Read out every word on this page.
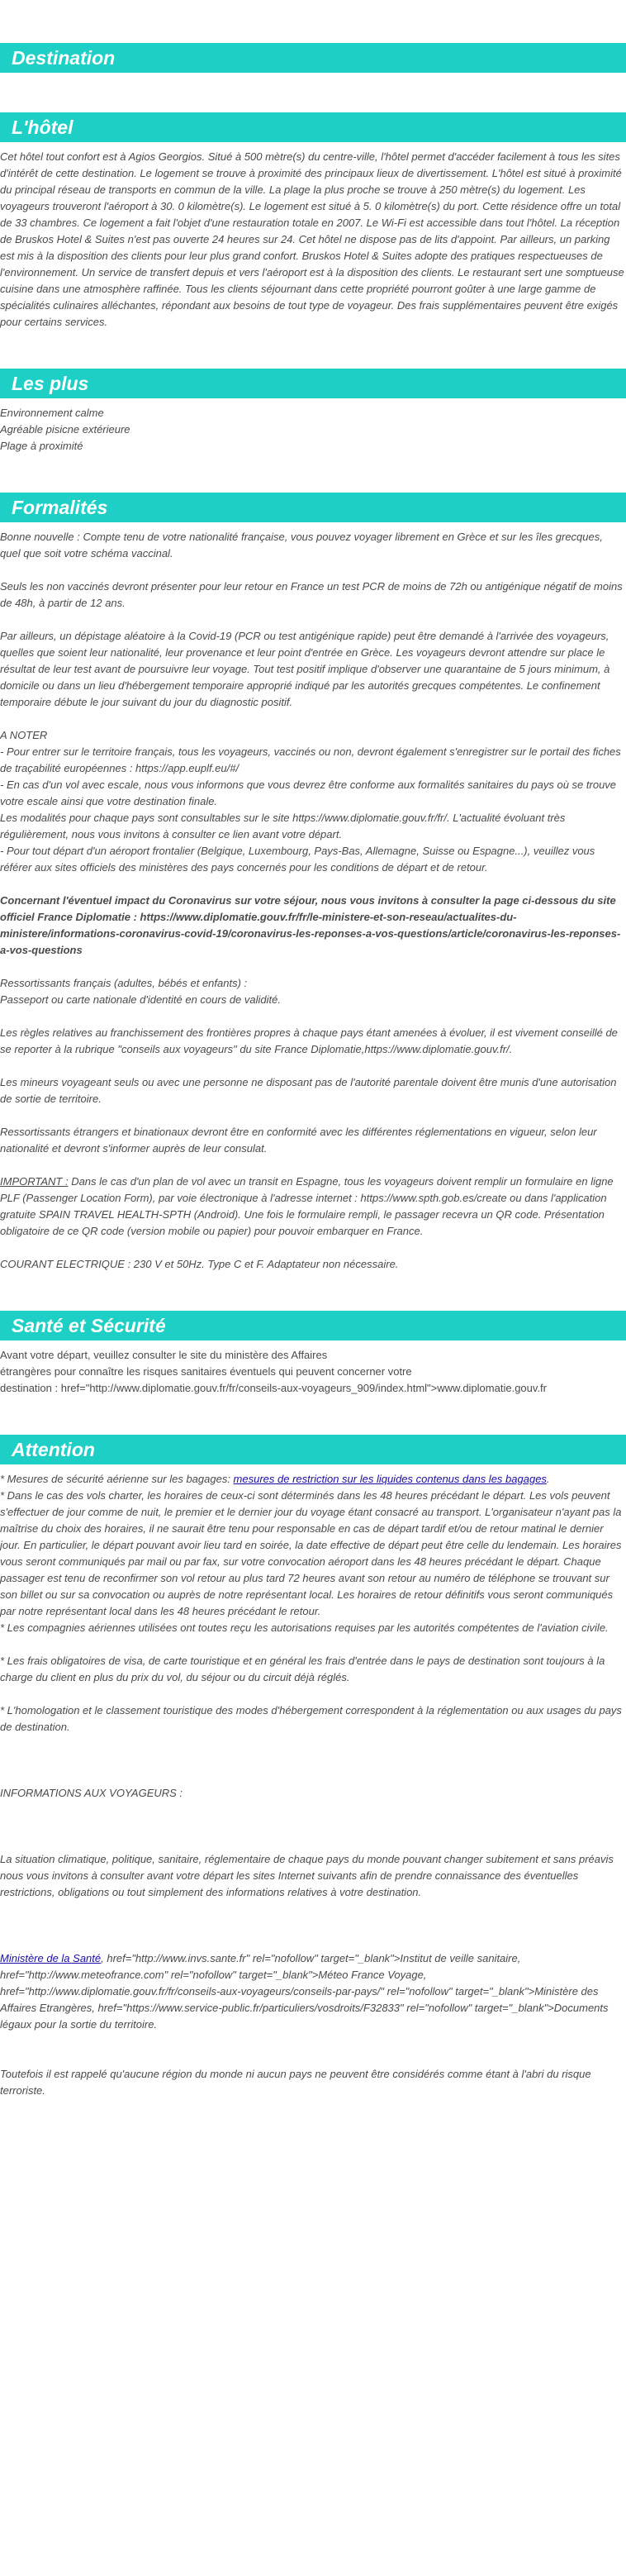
Destination
L'hôtel

Cet hôtel tout confort est à Agios Georgios. Situé à 500 mètre(s) du centre-ville, l'hôtel permet d'accéder facilement à tous les sites d'intérêt de cette destination. Le logement se trouve à proximité des principaux lieux de divertissement. L'hôtel est situé à proximité du principal réseau de transports en commun de la ville. La plage la plus proche se trouve à 250 mètre(s) du logement. Les voyageurs trouveront l'aéroport à 30. 0 kilomètre(s). Le logement est situé à 5. 0 kilomètre(s) du port. Cette résidence offre un total de 33 chambres. Ce logement a fait l'objet d'une restauration totale en 2007. Le Wi-Fi est accessible dans tout l'hôtel. La réception de Bruskos Hotel & Suites n'est pas ouverte 24 heures sur 24. Cet hôtel ne dispose pas de lits d'appoint. Par ailleurs, un parking est mis à la disposition des clients pour leur plus grand confort. Bruskos Hotel & Suites adopte des pratiques respectueuses de l'environnement. Un service de transfert depuis et vers l'aéroport est à la disposition des clients. Le restaurant sert une somptueuse cuisine dans une atmosphère raffinée. Tous les clients séjournant dans cette propriété pourront goûter à une large gamme de spécialités culinaires alléchantes, répondant aux besoins de tout type de voyageur. Des frais supplémentaires peuvent être exigés pour certains services.

Les plus
Environnement calme
Agréable pisicne extérieure
Plage à proximité
Formalités

Bonne nouvelle : Compte tenu de votre nationalité française, vous pouvez voyager librement en Grèce et sur les îles grecques, quel que soit votre schéma vaccinal.

Seuls les non vaccinés devront présenter pour leur retour en France un test PCR de moins de 72h ou antigénique négatif de moins de 48h, à partir de 12 ans.

Par ailleurs, un dépistage aléatoire à la Covid-19 (PCR ou test antigénique rapide) peut être demandé à l'arrivée des voyageurs, quelles que soient leur nationalité, leur provenance et leur point d'entrée en Grèce. Les voyageurs devront attendre sur place le résultat de leur test avant de poursuivre leur voyage. Tout test positif implique d'observer une quarantaine de 5 jours minimum, à domicile ou dans un lieu d'hébergement temporaire approprié indiqué par les autorités grecques compétentes. Le confinement temporaire débute le jour suivant du jour du diagnostic positif.

A NOTER

- Pour entrer sur le territoire français, tous les voyageurs, vaccinés ou non, devront également s'enregistrer sur le portail des fiches de traçabilité européennes : https://app.euplf.eu/#/

- En cas d'un vol avec escale, nous vous informons que vous devrez être conforme aux formalités sanitaires du pays où se trouve votre escale ainsi que votre destination finale.

Les modalités pour chaque pays sont consultables sur le site https://www.diplomatie.gouv.fr/fr/. L'actualité évoluant très régulièrement, nous vous invitons à consulter ce lien avant votre départ.

- Pour tout départ d'un aéroport frontalier (Belgique, Luxembourg, Pays-Bas, Allemagne, Suisse ou Espagne...), veuillez vous référer aux sites officiels des ministères des pays concernés pour les conditions de départ et de retour.

Concernant l'éventuel impact du Coronavirus sur votre séjour, nous vous invitons à consulter la page ci-dessous du site officiel France Diplomatie : https://www.diplomatie.gouv.fr/fr/le-ministere-et-son-reseau/actualites-du-ministere/informations-coronavirus-covid-19/coronavirus-les-reponses-a-vos-questions/article/coronavirus-les-reponses-a-vos-questions

Ressortissants français (adultes, bébés et enfants) :

Passeport ou carte nationale d'identité en cours de validité.

Les règles relatives au franchissement des frontières propres à chaque pays étant amenées à évoluer, il est vivement conseillé de se reporter à la rubrique "conseils aux voyageurs" du site France Diplomatie,https://www.diplomatie.gouv.fr/.

Les mineurs voyageant seuls ou avec une personne ne disposant pas de l'autorité parentale doivent être munis d'une autorisation de sortie de territoire.

Ressortissants étrangers et binationaux devront être en conformité avec les différentes réglementations en vigueur, selon leur nationalité et devront s'informer auprès de leur consulat.

IMPORTANT : Dans le cas d'un plan de vol avec un transit en Espagne, tous les voyageurs doivent remplir un formulaire en ligne PLF (Passenger Location Form), par voie électronique à l'adresse internet : https://www.spth.gob.es/create ou dans l'application gratuite SPAIN TRAVEL HEALTH-SPTH (Android). Une fois le formulaire rempli, le passager recevra un QR code. Présentation obligatoire de ce QR code (version mobile ou papier) pour pouvoir embarquer en France.

COURANT ELECTRIQUE : 230 V et 50Hz. Type C et F. Adaptateur non nécessaire.

Santé et Sécurité

Avant votre départ, veuillez consulter le site du ministère des Affaires
étrangères pour connaître les risques sanitaires éventuels qui peuvent concerner votre
destination : href="http://www.diplomatie.gouv.fr/fr/conseils-aux-voyageurs_909/index.html">www.diplomatie.gouv.fr

Attention

* Mesures de sécurité aérienne sur les bagages: mesures de restriction sur les liquides contenus dans les bagages.

* Dans le cas des vols charter, les horaires de ceux-ci sont déterminés dans les 48 heures précédant le départ. Les vols peuvent s'effectuer de jour comme de nuit, le premier et le dernier jour du voyage étant consacré au transport. L'organisateur n'ayant pas la maîtrise du choix des horaires, il ne saurait être tenu pour responsable en cas de départ tardif et/ou de retour matinal le dernier jour. En particulier, le départ pouvant avoir lieu tard en soirée, la date effective de départ peut être celle du lendemain. Les horaires vous seront communiqués par mail ou par fax, sur votre convocation aéroport dans les 48 heures précédant le départ. Chaque passager est tenu de reconfirmer son vol retour au plus tard 72 heures avant son retour au numéro de téléphone se trouvant sur son billet ou sur sa convocation ou auprès de notre représentant local. Les horaires de retour définitifs vous seront communiqués par notre représentant local dans les 48 heures précédant le retour.

* Les compagnies aériennes utilisées ont toutes reçu les autorisations requises par les autorités compétentes de l'aviation civile.

* Les frais obligatoires de visa, de carte touristique et en général les frais d'entrée dans le pays de destination sont toujours à la charge du client en plus du prix du vol, du séjour ou du circuit déjà réglés.

* L'homologation et le classement touristique des modes d'hébergement correspondent à la réglementation ou aux usages du pays de destination.

INFORMATIONS AUX VOYAGEURS :

La situation climatique, politique, sanitaire, réglementaire de chaque pays du monde pouvant changer subitement et sans préavis

nous vous invitons à consulter avant votre départ les sites Internet suivants afin de prendre connaissance des éventuelles restrictions, obligations ou tout simplement des informations relatives à votre destination.

Ministère de la Santé, href="http://www.invs.sante.fr" rel="nofollow" target="_blank">Institut de veille sanitaire, href="http://www.meteofrance.com" rel="nofollow" target="_blank">Méteo France Voyage, href="http://www.diplomatie.gouv.fr/fr/conseils-aux-voyageurs/conseils-par-pays/" rel="nofollow" target="_blank">Ministère des Affaires Etrangères, href="https://www.service-public.fr/particuliers/vosdroits/F32833" rel="nofollow" target="_blank">Documents légaux pour la sortie du territoire.

Toutefois il est rappelé qu'aucune région du monde ni aucun pays ne peuvent être considérés comme étant à l'abri du risque terroriste.
